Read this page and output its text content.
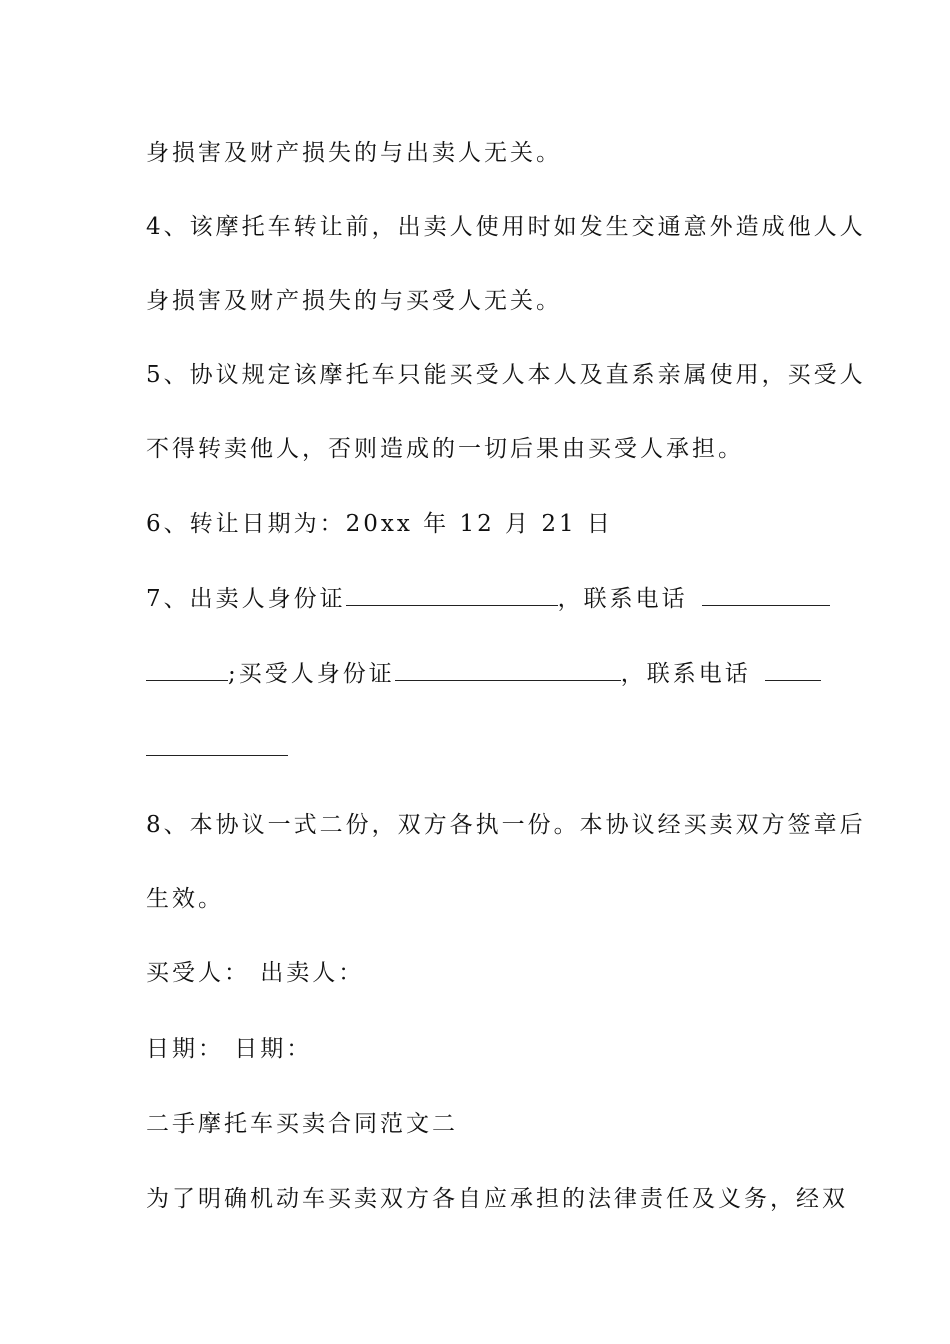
身损害及财产损失的与出卖人无关。
4、该摩托车转让前，出卖人使用时如发生交通意外造成他人人
身损害及财产损失的与买受人无关。
5、协议规定该摩托车只能买受人本人及直系亲属使用，买受人
不得转卖他人，否则造成的一切后果由买受人承担。
6、转让日期为：20xx 年 12 月 21 日
7、出卖人身份证	，联系电话
;买受人身份证	，联系电话
8、本协议一式二份，双方各执一份。本协议经买卖双方签章后
生效。
买受人： 出卖人：
日期： 日期：
二手摩托车买卖合同范文二
为了明确机动车买卖双方各自应承担的法律责任及义务，经双
